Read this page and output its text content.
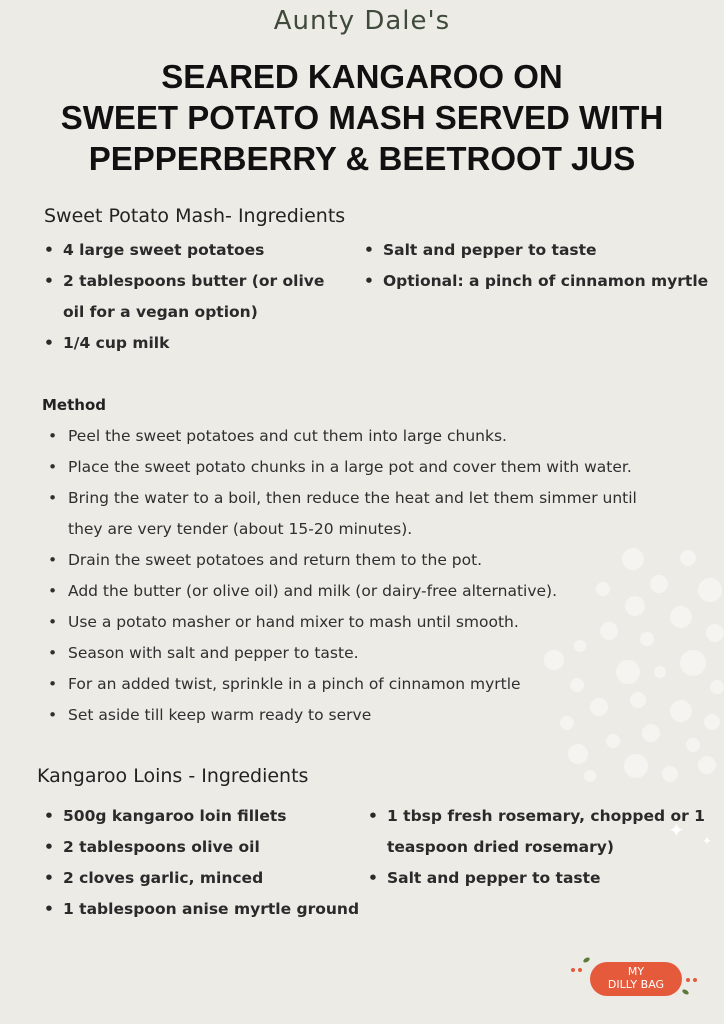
Aunty Dale's
SEARED KANGAROO ON
SWEET POTATO MASH SERVED WITH
PEPPERBERRY & BEETROOT JUS
Sweet Potato Mash- Ingredients
• 4 large sweet potatoes
• 2 tablespoons butter (or olive
oil for a vegan option)
• 1/4 cup milk
• Salt and pepper to taste
• Optional: a pinch of cinnamon myrtle
Method
• Peel the sweet potatoes and cut them into large chunks.
• Place the sweet potato chunks in a large pot and cover them with water.
• Bring the water to a boil, then reduce the heat and let them simmer until
they are very tender (about 15-20 minutes).
• Drain the sweet potatoes and return them to the pot.
• Add the butter (or olive oil) and milk (or dairy-free alternative).
• Use a potato masher or hand mixer to mash until smooth.
• Season with salt and pepper to taste.
• For an added twist, sprinkle in a pinch of cinnamon myrtle
• Set aside till keep warm ready to serve
Kangaroo Loins - Ingredients
• 500g kangaroo loin fillets
• 2 tablespoons olive oil
• 2 cloves garlic, minced
• 1 tablespoon anise myrtle ground
• 1 tbsp fresh rosemary, chopped or 1
teaspoon dried rosemary)
• Salt and pepper to taste
✦ ✦
MY
DILLY BAG
